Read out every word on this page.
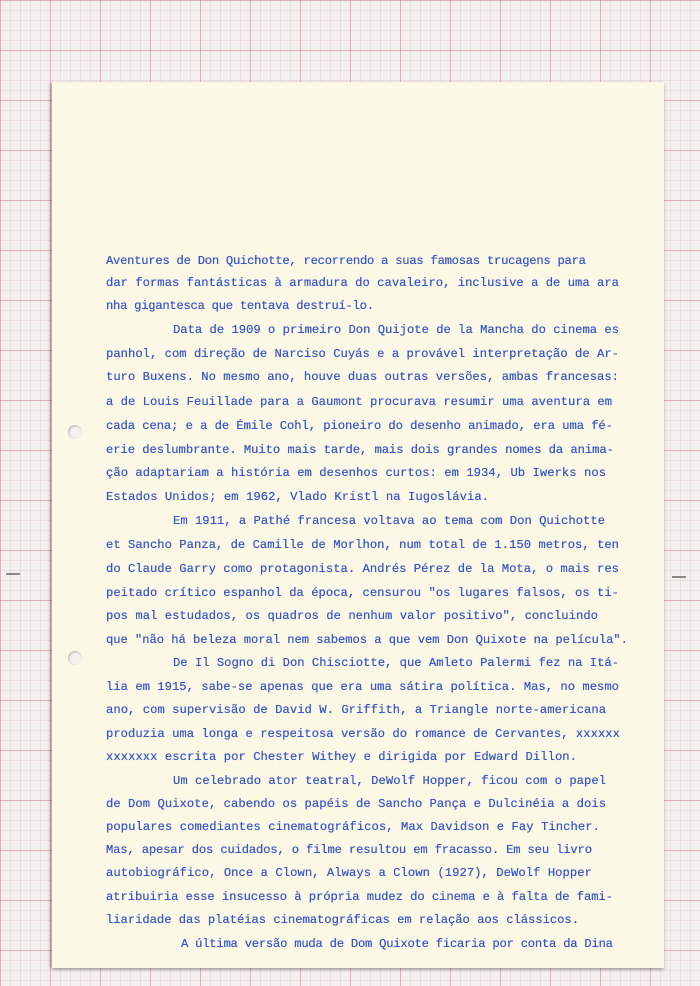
Aventures de Don Quichotte, recorrendo a suas famosas trucagens para
dar formas fantásticas à armadura do cavaleiro, inclusive a de uma ara
nha gigantesca que tentava destruí-lo.
Data de 1909 o primeiro Don Quijote de la Mancha do cinema es
panhol, com direção de Narciso Cuyás e a provável interpretação de Ar-
turo Buxens. No mesmo ano, houve duas outras versões, ambas francesas:
a de Louis Feuillade para a Gaumont procurava resumir uma aventura em
cada cena; e a de Émile Cohl, pioneiro do desenho animado, era uma fé-
erie deslumbrante. Muito mais tarde, mais dois grandes nomes da anima-
ção adaptariam a história em desenhos curtos: em 1934, Ub Iwerks nos
Estados Unidos; em 1962, Vlado Kristl na Iugoslávia.
Em 1911, a Pathé francesa voltava ao tema com Don Quichotte
et Sancho Panza, de Camille de Morlhon, num total de 1.150 metros, ten
do Claude Garry como protagonista. Andrés Pérez de la Mota, o mais res
peitado crítico espanhol da época, censurou "os lugares falsos, os ti-
pos mal estudados, os quadros de nenhum valor positivo", concluindo
que "não há beleza moral nem sabemos a que vem Don Quixote na película".
De Il Sogno di Don Chisciotte, que Amleto Palermi fez na Itá-
lia em 1915, sabe-se apenas que era uma sátira política. Mas, no mesmo
ano, com supervisão de David W. Griffith, a Triangle norte-americana
produzia uma longa e respeitosa versão do romance de Cervantes, xxxxxx
xxxxxxx escrita por Chester Withey e dirigida por Edward Dillon.
Um celebrado ator teatral, DeWolf Hopper, ficou com o papel
de Dom Quixote, cabendo os papéis de Sancho Pança e Dulcinéia a dois
populares comediantes cinematográficos, Max Davidson e Fay Tincher.
Mas, apesar dos cuidados, o filme resultou em fracasso. Em seu livro
autobiográfico, Once a Clown, Always a Clown (1927), DeWolf Hopper
atribuiria esse insucesso à própria mudez do cinema e à falta de fami-
liaridade das platéias cinematográficas em relação aos clássicos.
A última versão muda de Dom Quixote ficaria por conta da Dina
